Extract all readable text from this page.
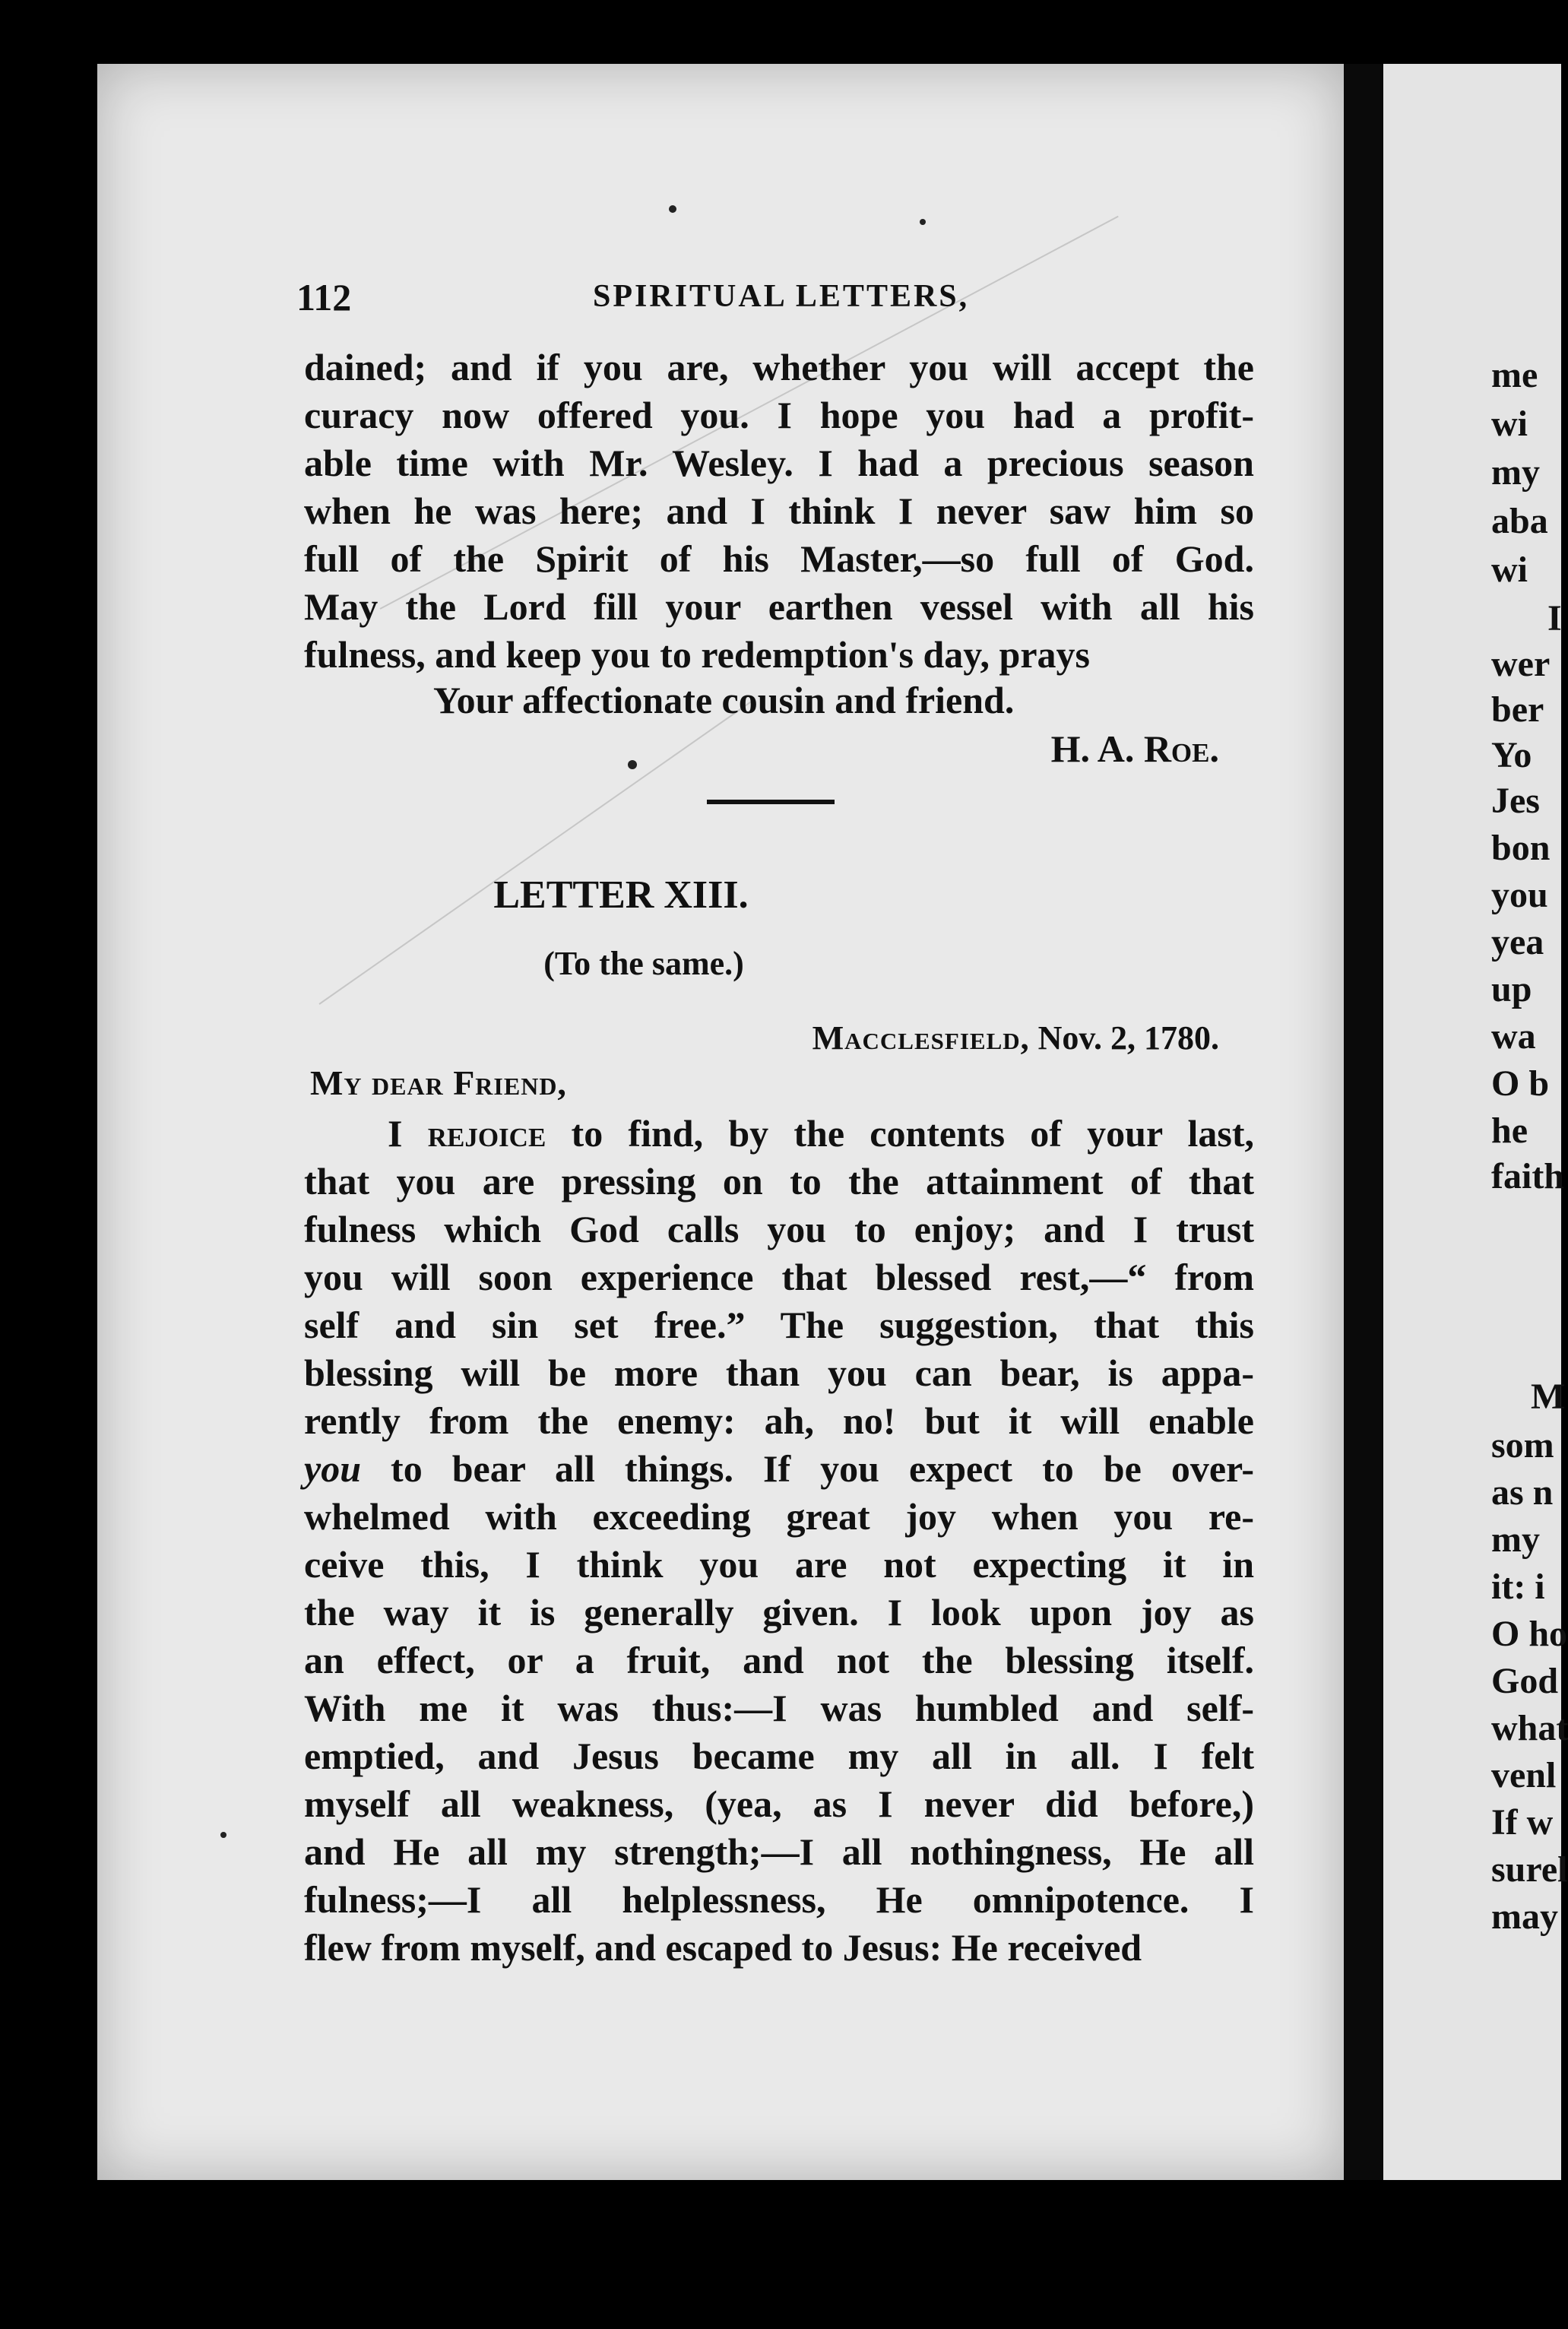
112	SPIRITUAL LETTERS,
dained; and if you are, whether you will accept the
curacy now offered you. I hope you had a profit-
able time with Mr. Wesley. I had a precious season
when he was here; and I think I never saw him so
full of the Spirit of his Master,—so full of God.
May the Lord fill your earthen vessel with all his
fulness, and keep you to redemption's day, prays
Your affectionate cousin and friend.
H. A. Roe.
LETTER XIII.
(To the same.)
Macclesfield, Nov. 2, 1780.
My dear Friend,
I rejoice to find, by the contents of your last,
that you are pressing on to the attainment of that
fulness which God calls you to enjoy; and I trust
you will soon experience that blessed rest,—“ from
self and sin set free.” The suggestion, that this
blessing will be more than you can bear, is appa-
rently from the enemy: ah, no! but it will enable
you to bear all things. If you expect to be over-
whelmed with exceeding great joy when you re-
ceive this, I think you are not expecting it in
the way it is generally given. I look upon joy as
an effect, or a fruit, and not the blessing itself.
With me it was thus:—I was humbled and self-
emptied, and Jesus became my all in all. I felt
myself all weakness, (yea, as I never did before,)
and He all my strength;—I all nothingness, He all
fulness;—I all helplessness, He omnipotence. I
flew from myself, and escaped to Jesus: He received
me
wi
my
aba
wi
I
wer
ber
Yo
Jes
bon
you
yea
up
wa
O b
he
faith
M
som
as n
my
it: i
O ho
God
what
venl
If w
surel
may
